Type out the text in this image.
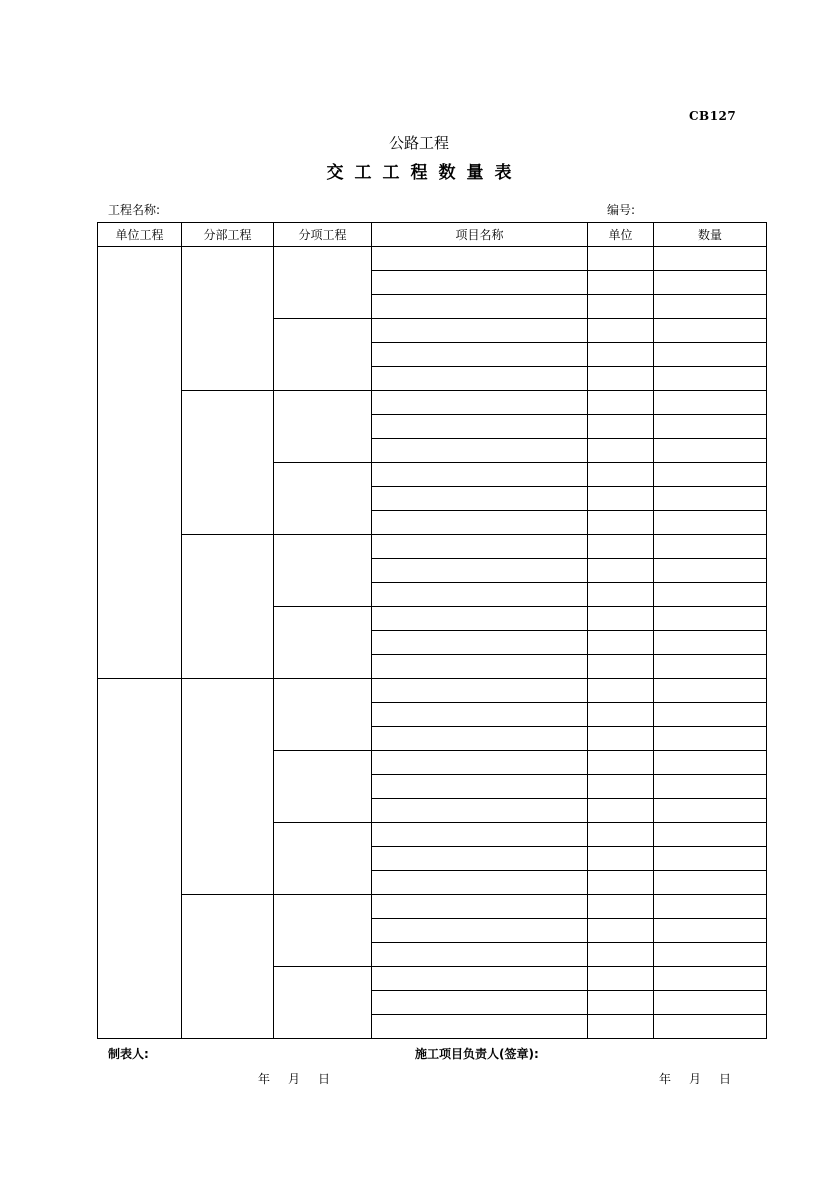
CB127
公路工程
交工工程数量表
工程名称:	编号:
单位工程	分部工程	分项工程	项目名称	单位	数量

制表人:	施工项目负责人(签章):
年 月 日	年 月 日
